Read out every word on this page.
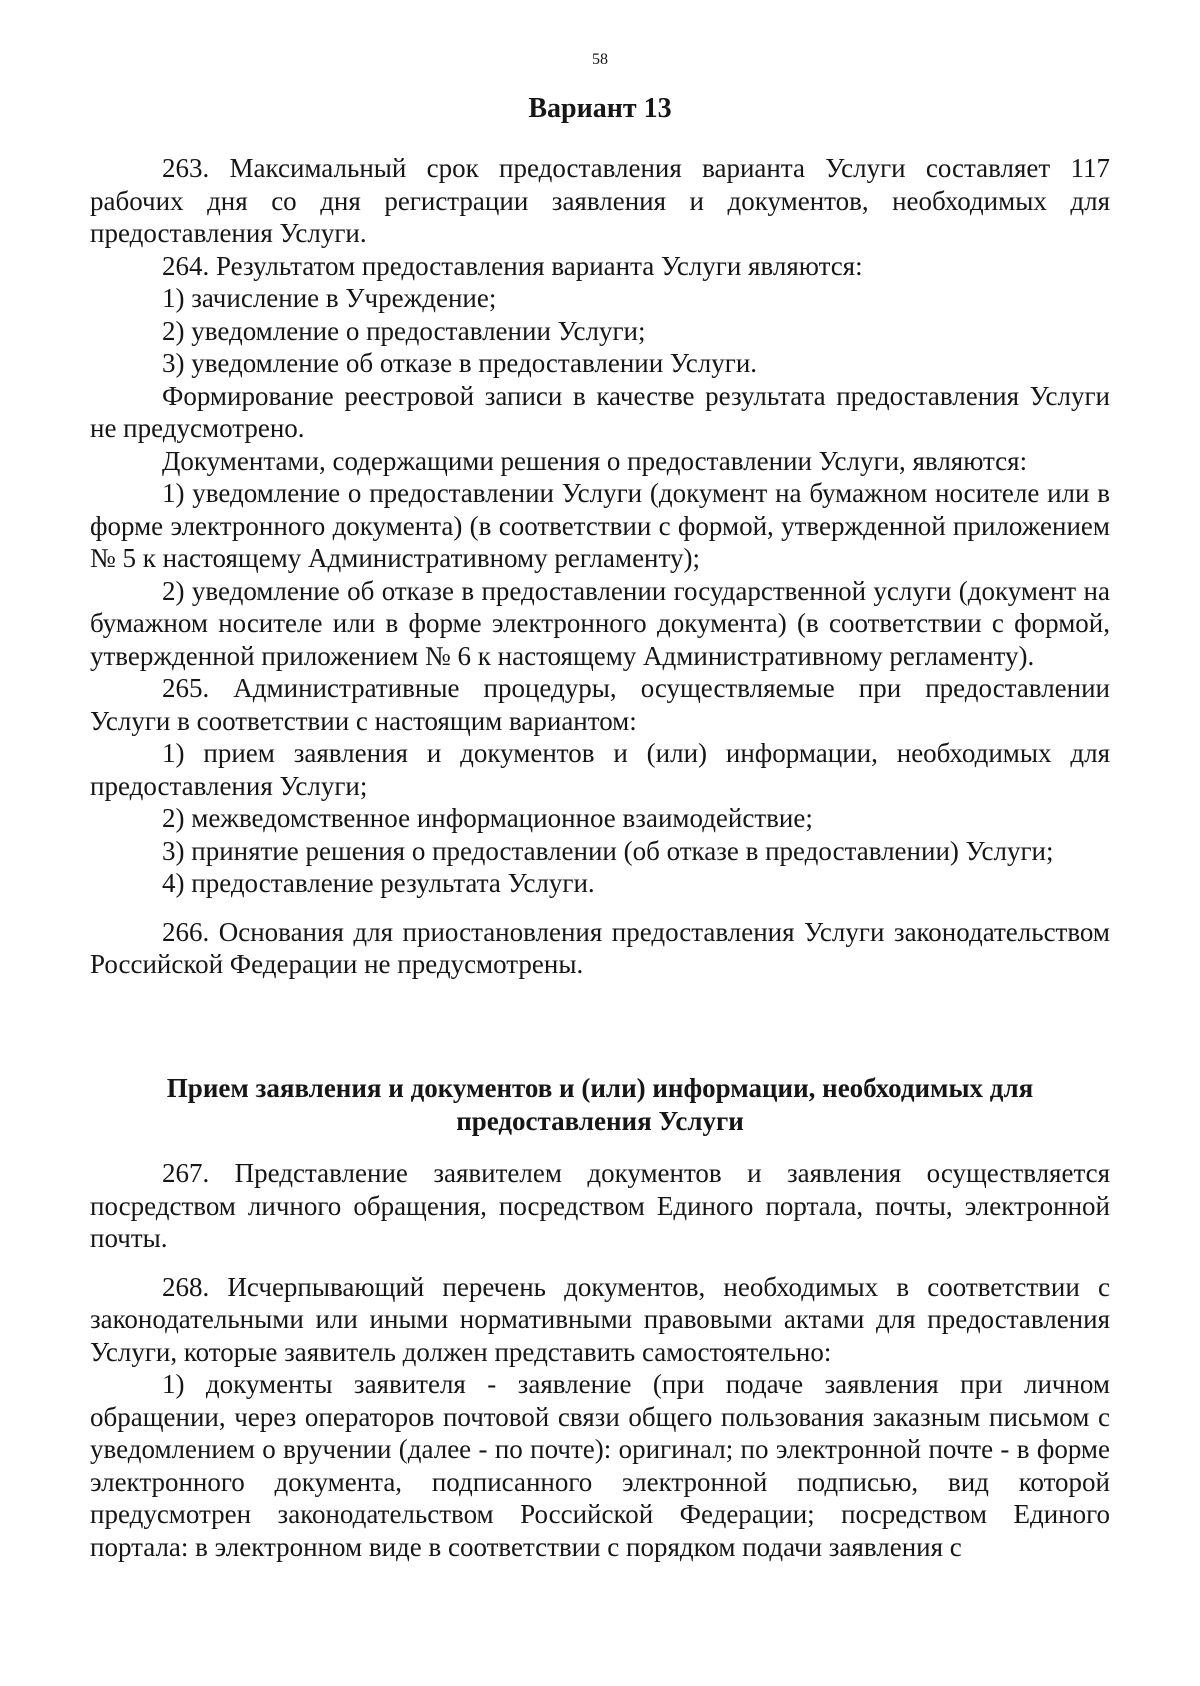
58

Вариант 13

263. Максимальный срок предоставления варианта Услуги составляет 117 рабочих дня со дня регистрации заявления и документов, необходимых для предоставления Услуги.

264. Результатом предоставления варианта Услуги являются:

1) зачисление в Учреждение;

2) уведомление о предоставлении Услуги;

3) уведомление об отказе в предоставлении Услуги.

Формирование реестровой записи в качестве результата предоставления Услуги не предусмотрено.

Документами, содержащими решения о предоставлении Услуги, являются:

1) уведомление о предоставлении Услуги (документ на бумажном носителе или в форме электронного документа) (в соответствии с формой, утвержденной приложением № 5 к настоящему Административному регламенту);

2) уведомление об отказе в предоставлении государственной услуги (документ на бумажном носителе или в форме электронного документа) (в соответствии с формой, утвержденной приложением № 6 к настоящему Административному регламенту).

265. Административные процедуры, осуществляемые при предоставлении Услуги в соответствии с настоящим вариантом:

1) прием заявления и документов и (или) информации, необходимых для предоставления Услуги;

2) межведомственное информационное взаимодействие;

3) принятие решения о предоставлении (об отказе в предоставлении) Услуги;

4) предоставление результата Услуги.

266. Основания для приостановления предоставления Услуги законодательством Российской Федерации не предусмотрены.

Прием заявления и документов и (или) информации, необходимых для предоставления Услуги

267. Представление заявителем документов и заявления осуществляется посредством личного обращения, посредством Единого портала, почты, электронной почты.

268. Исчерпывающий перечень документов, необходимых в соответствии с законодательными или иными нормативными правовыми актами для предоставления Услуги, которые заявитель должен представить самостоятельно:

1) документы заявителя - заявление (при подаче заявления при личном обращении, через операторов почтовой связи общего пользования заказным письмом с уведомлением о вручении (далее - по почте): оригинал; по электронной почте - в форме электронного документа, подписанного электронной подписью, вид которой предусмотрен законодательством Российской Федерации; посредством Единого портала: в электронном виде в соответствии с порядком подачи заявления с
